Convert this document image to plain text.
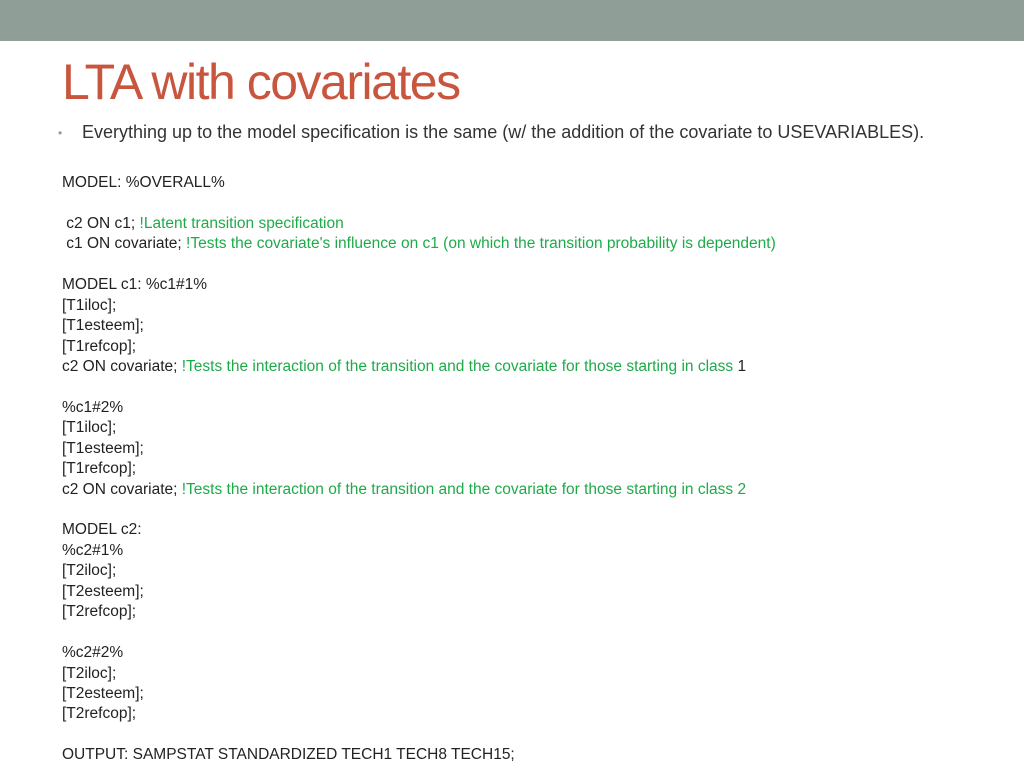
LTA with covariates
• Everything up to the model specification is the same (w/ the addition of the covariate to USEVARIABLES).
MODEL: %OVERALL%
c2 ON c1; !Latent transition specification
c1 ON covariate; !Tests the covariate's influence on c1 (on which the transition probability is dependent)
MODEL c1: %c1#1%
[T1iloc];
[T1esteem];
[T1refcop];
c2 ON covariate; !Tests the interaction of the transition and the covariate for those starting in class 1
%c1#2%
[T1iloc];
[T1esteem];
[T1refcop];
c2 ON covariate; !Tests the interaction of the transition and the covariate for those starting in class 2
MODEL c2:
%c2#1%
[T2iloc];
[T2esteem];
[T2refcop];
%c2#2%
[T2iloc];
[T2esteem];
[T2refcop];
OUTPUT: SAMPSTAT STANDARDIZED TECH1 TECH8 TECH15;
